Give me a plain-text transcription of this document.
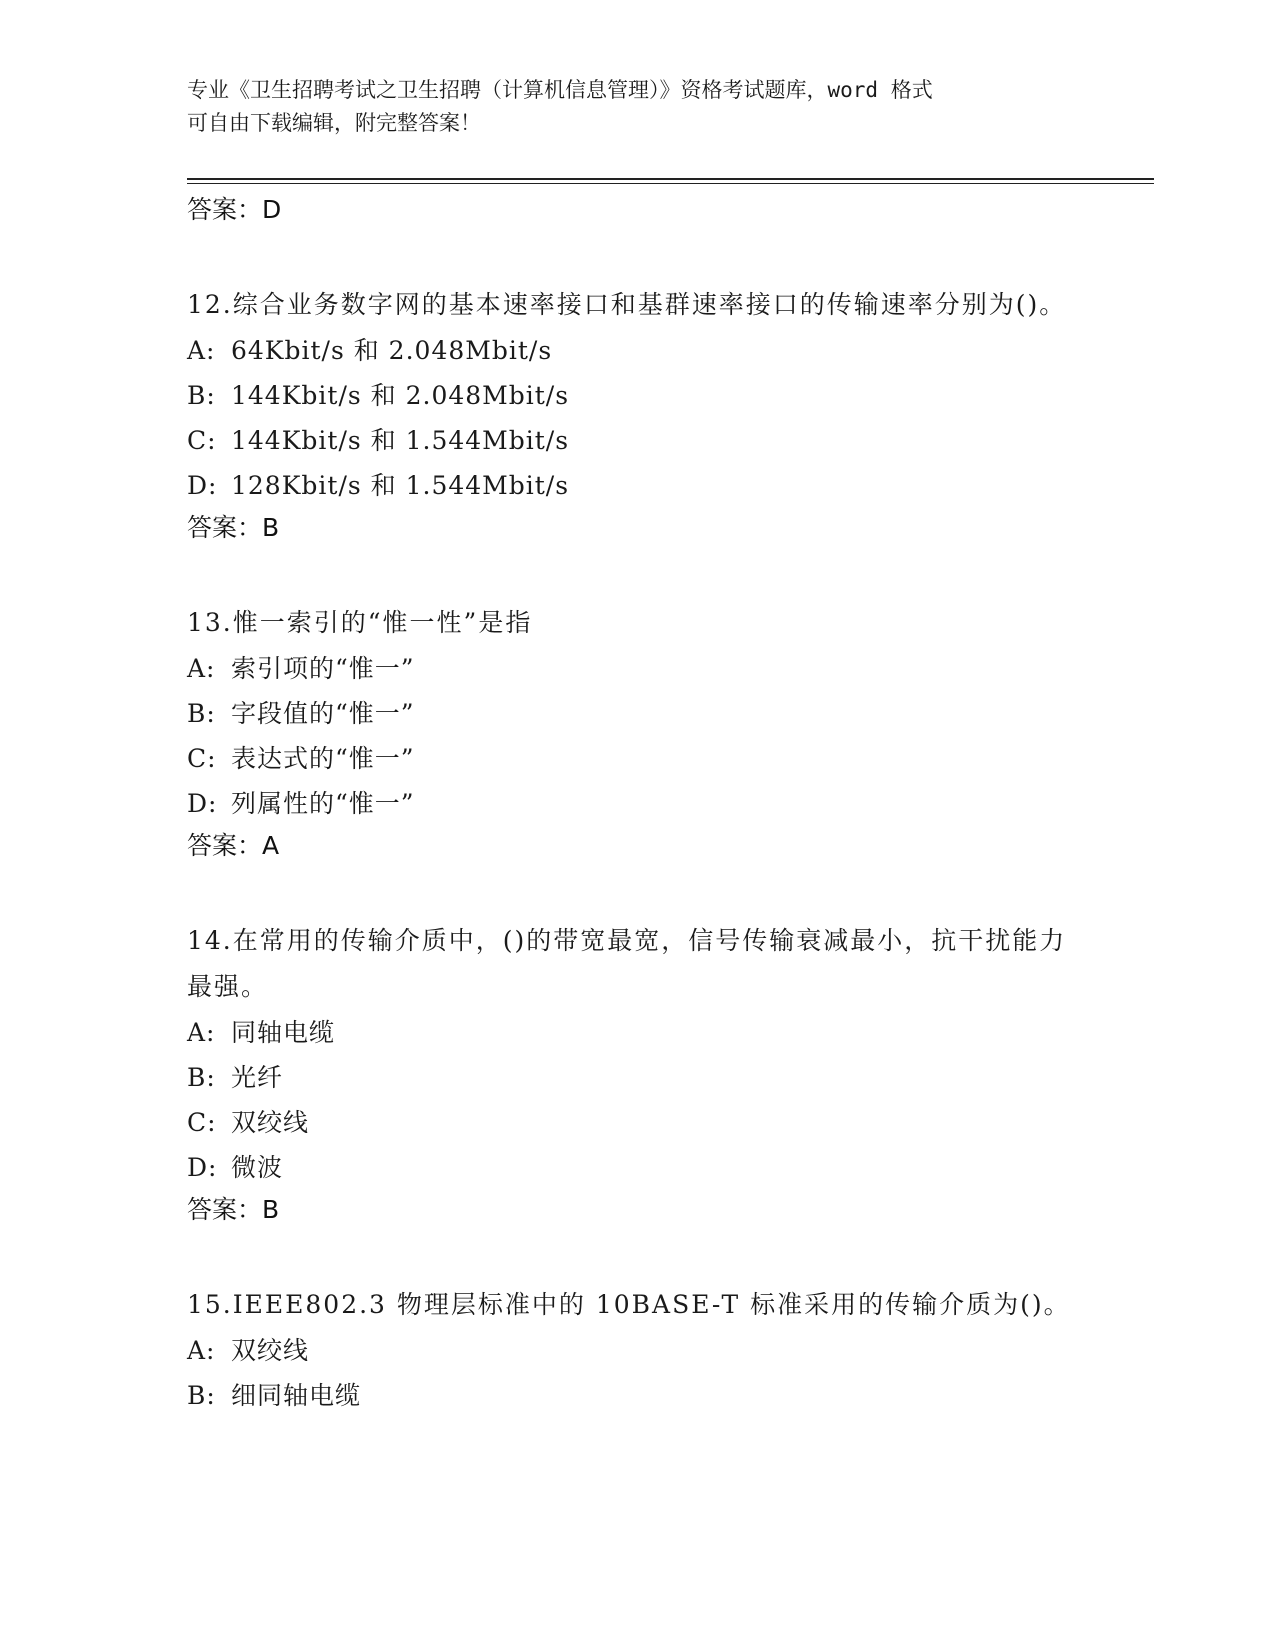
专业《卫生招聘考试之卫生招聘（计算机信息管理）》资格考试题库，word 格式
可自由下载编辑，附完整答案！
答案：D
12.综合业务数字网的基本速率接口和基群速率接口的传输速率分别为()。
A: 64Kbit/s 和 2.048Mbit/s
B: 144Kbit/s 和 2.048Mbit/s
C: 144Kbit/s 和 1.544Mbit/s
D: 128Kbit/s 和 1.544Mbit/s
答案：B
13.惟一索引的“惟一性”是指
A: 索引项的“惟一”
B: 字段值的“惟一”
C: 表达式的“惟一”
D: 列属性的“惟一”
答案：A
14.在常用的传输介质中，()的带宽最宽，信号传输衰减最小，抗干扰能力最强。
A: 同轴电缆
B: 光纤
C: 双绞线
D: 微波
答案：B
15.IEEE802.3 物理层标准中的 10BASE-T 标准采用的传输介质为()。
A: 双绞线
B: 细同轴电缆
